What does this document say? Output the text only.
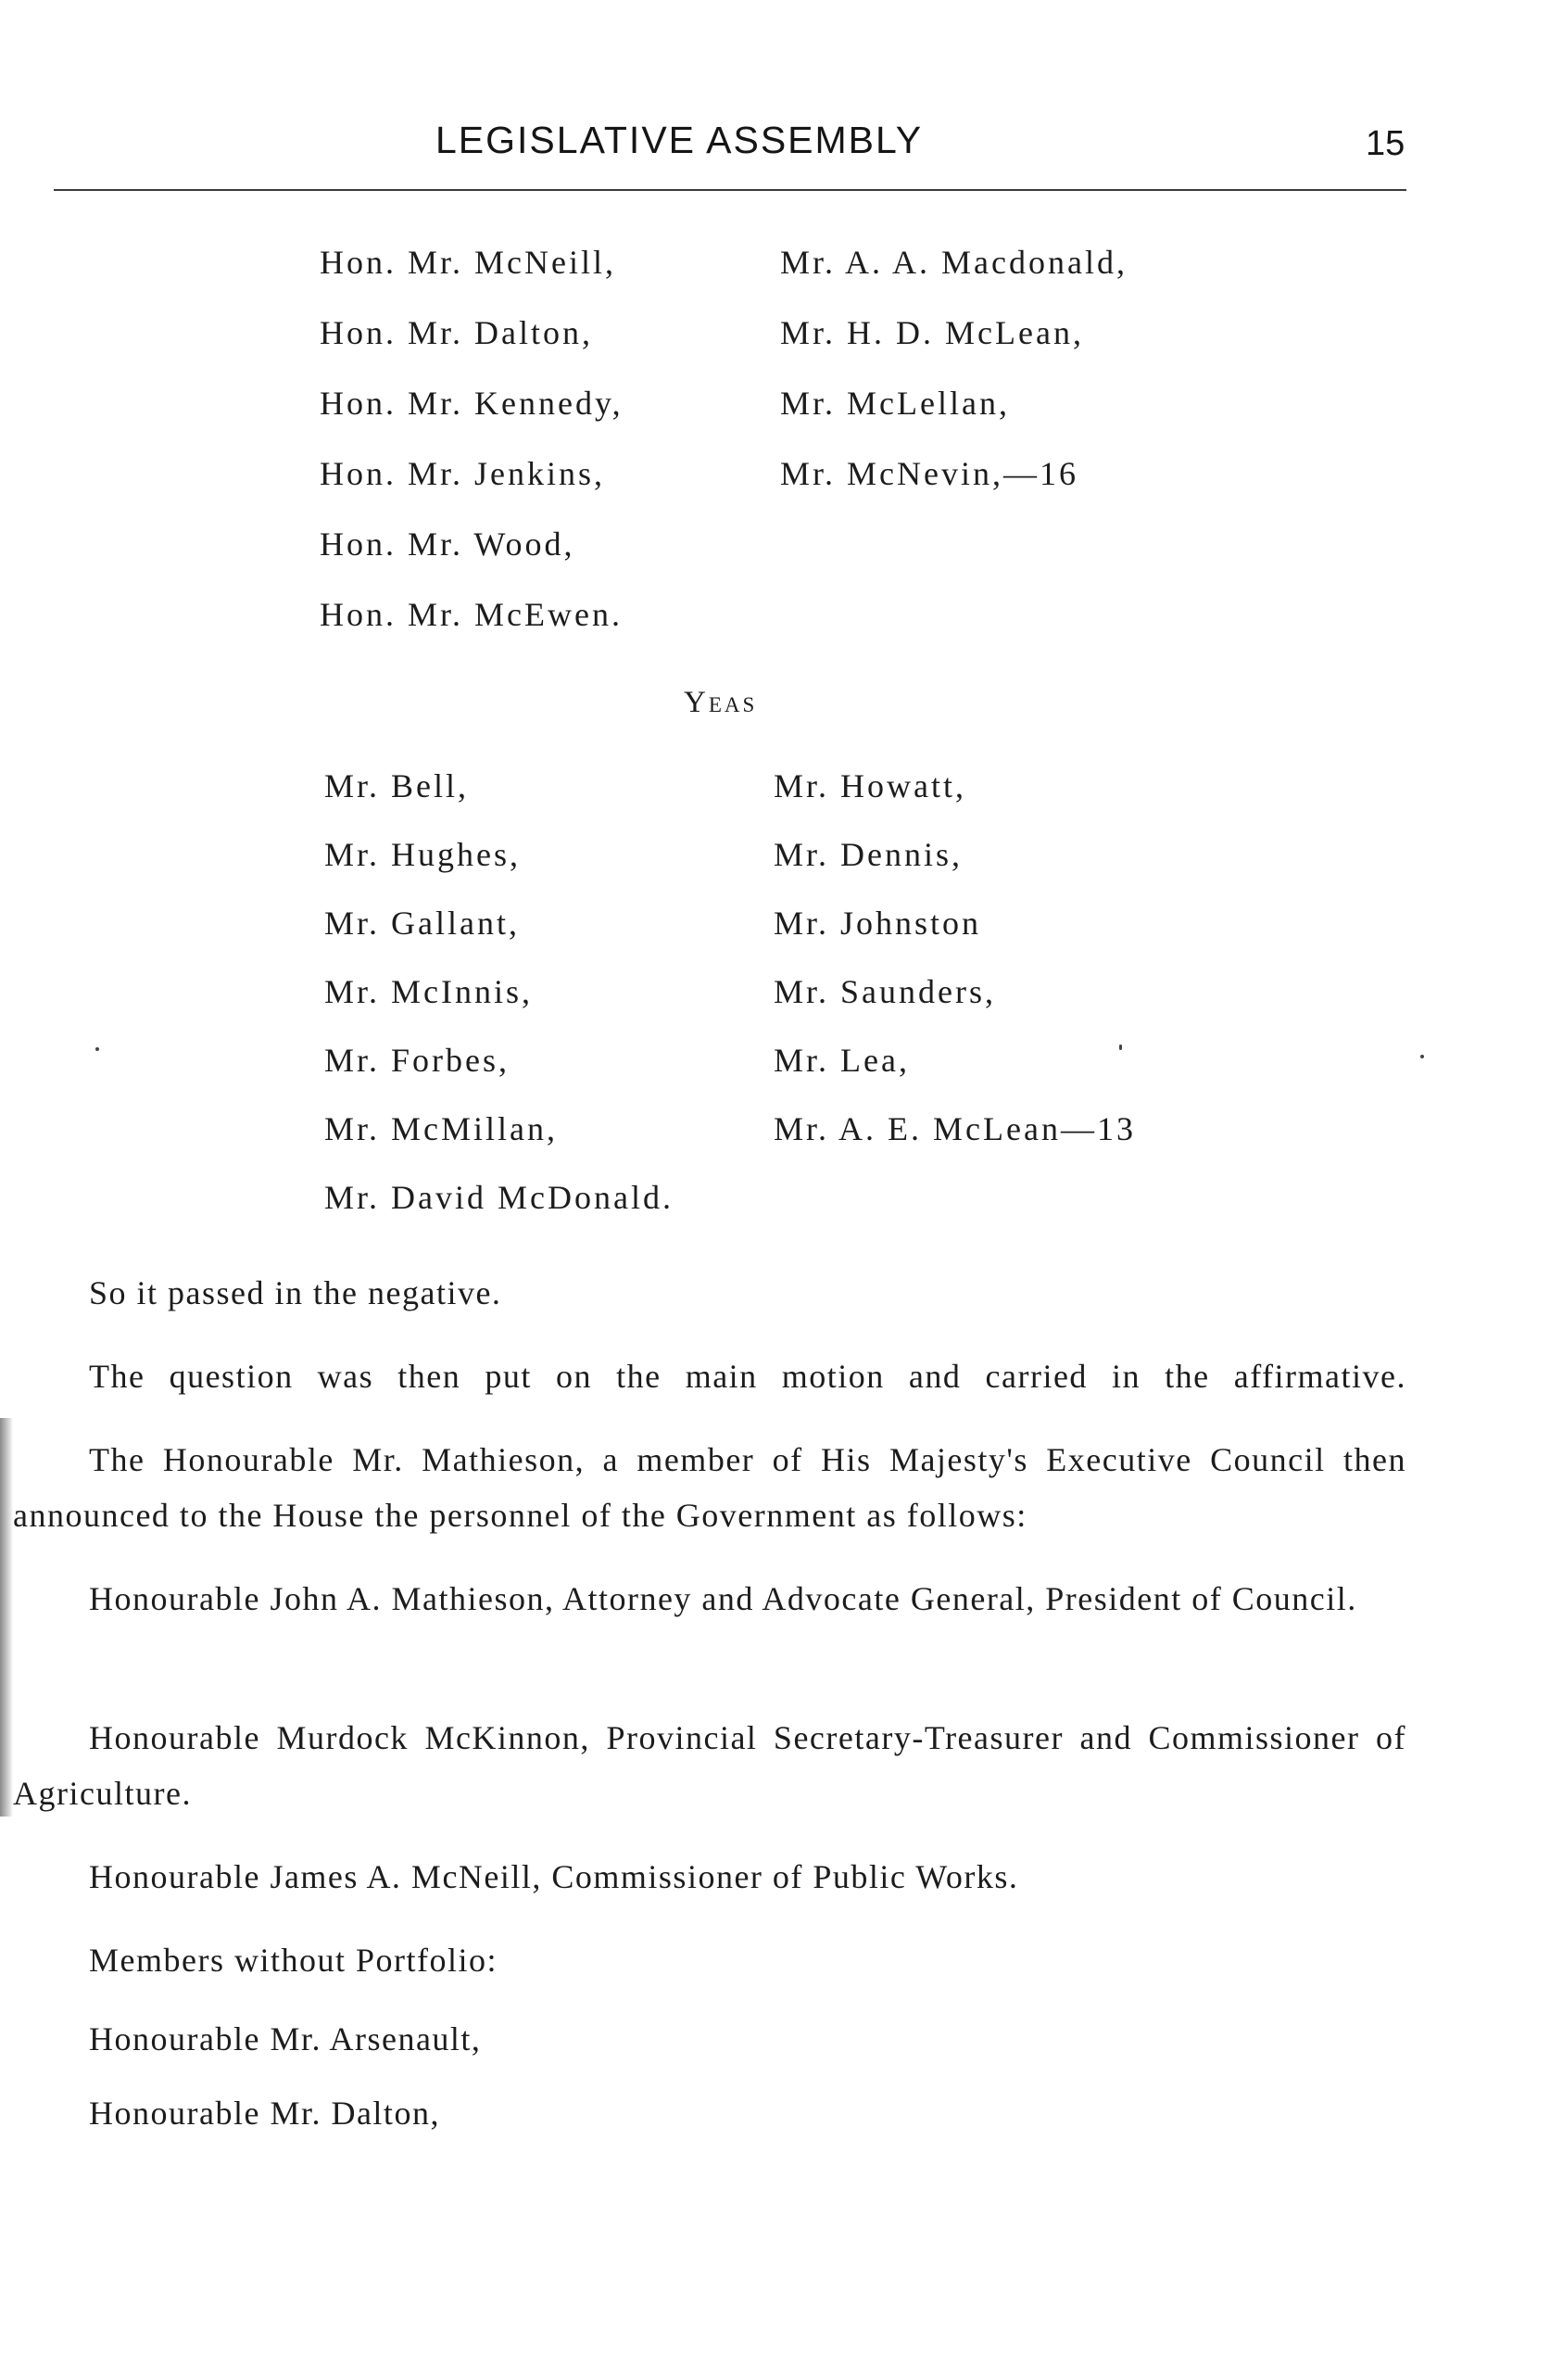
LEGISLATIVE ASSEMBLY	15
Hon. Mr. McNeill,
Hon. Mr. Dalton,
Hon. Mr. Kennedy,
Hon. Mr. Jenkins,
Hon. Mr. Wood,
Hon. Mr. McEwen.
Mr. A. A. Macdonald,
Mr. H. D. McLean,
Mr. McLellan,
Mr. McNevin,—16
Yeas
Mr. Bell,
Mr. Hughes,
Mr. Gallant,
Mr. McInnis,
Mr. Forbes,
Mr. McMillan,
Mr. David McDonald.
Mr. Howatt,
Mr. Dennis,
Mr. Johnston
Mr. Saunders,
Mr. Lea,
Mr. A. E. McLean—13

So it passed in the negative.

The question was then put on the main motion and carried in the affirmative.

The Honourable Mr. Mathieson, a member of His Majesty's Executive Council then announced to the House the personnel of the Government as follows:

Honourable John A. Mathieson, Attorney and Advocate General, President of Council.

Honourable Murdock McKinnon, Provincial Secretary-Treasurer and Commissioner of Agriculture.

Honourable James A. McNeill, Commissioner of Public Works.

Members without Portfolio:

Honourable Mr. Arsenault,

Honourable Mr. Dalton,
